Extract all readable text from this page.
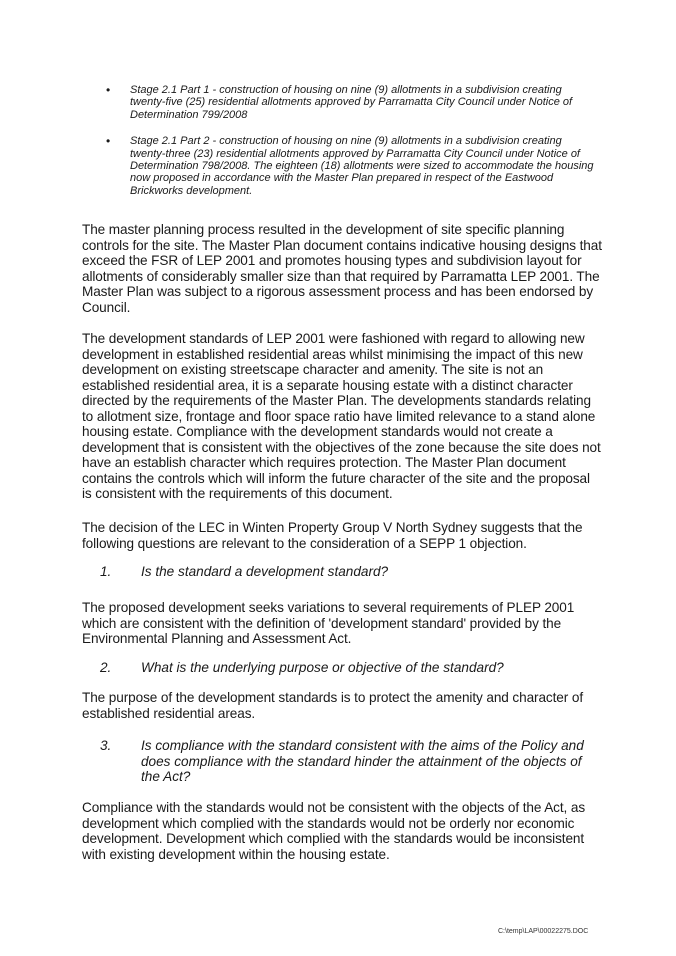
• Stage 2.1 Part 1 - construction of housing on nine (9) allotments in a subdivision creating twenty-five (25) residential allotments approved by Parramatta City Council under Notice of Determination 799/2008
• Stage 2.1 Part 2 - construction of housing on nine (9) allotments in a subdivision creating twenty-three (23) residential allotments approved by Parramatta City Council under Notice of Determination 798/2008. The eighteen (18) allotments were sized to accommodate the housing now proposed in accordance with the Master Plan prepared in respect of the Eastwood Brickworks development.

The master planning process resulted in the development of site specific planning controls for the site. The Master Plan document contains indicative housing designs that exceed the FSR of LEP 2001 and promotes housing types and subdivision layout for allotments of considerably smaller size than that required by Parramatta LEP 2001. The Master Plan was subject to a rigorous assessment process and has been endorsed by Council.

The development standards of LEP 2001 were fashioned with regard to allowing new development in established residential areas whilst minimising the impact of this new development on existing streetscape character and amenity. The site is not an established residential area, it is a separate housing estate with a distinct character directed by the requirements of the Master Plan. The developments standards relating to allotment size, frontage and floor space ratio have limited relevance to a stand alone housing estate. Compliance with the development standards would not create a development that is consistent with the objectives of the zone because the site does not have an establish character which requires protection. The Master Plan document contains the controls which will inform the future character of the site and the proposal is consistent with the requirements of this document.

The decision of the LEC in Winten Property Group V North Sydney suggests that the following questions are relevant to the consideration of a SEPP 1 objection.

1. Is the standard a development standard?

The proposed development seeks variations to several requirements of PLEP 2001 which are consistent with the definition of 'development standard' provided by the Environmental Planning and Assessment Act.

2. What is the underlying purpose or objective of the standard?

The purpose of the development standards is to protect the amenity and character of established residential areas.

3. Is compliance with the standard consistent with the aims of the Policy and does compliance with the standard hinder the attainment of the objects of the Act?

Compliance with the standards would not be consistent with the objects of the Act, as development which complied with the standards would not be orderly nor economic development. Development which complied with the standards would be inconsistent with existing development within the housing estate.

C:\temp\LAP\00022275.DOC
